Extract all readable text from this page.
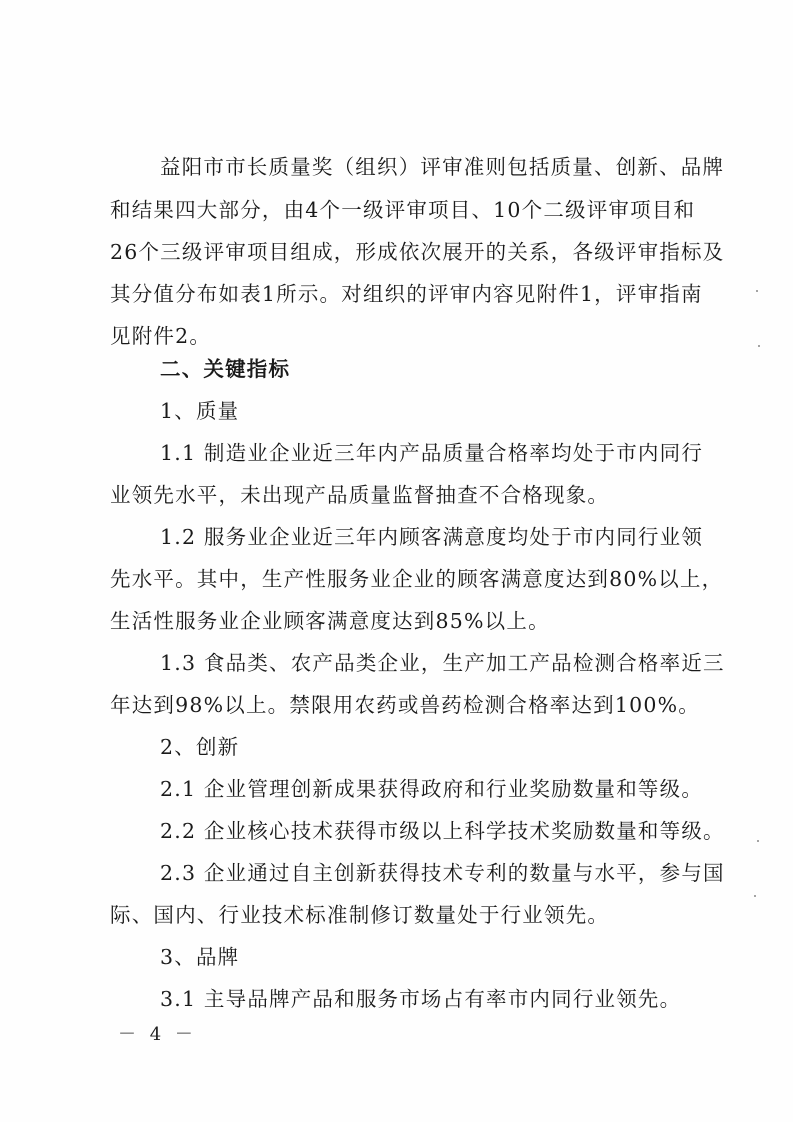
益阳市市长质量奖（组织）评审准则包括质量、创新、品牌
和结果四大部分，由4个一级评审项目、10个二级评审项目和
26个三级评审项目组成，形成依次展开的关系，各级评审指标及
其分值分布如表1所示。对组织的评审内容见附件1，评审指南
见附件2。
二、关键指标
1、质量
1.1 制造业企业近三年内产品质量合格率均处于市内同行
业领先水平，未出现产品质量监督抽查不合格现象。
1.2 服务业企业近三年内顾客满意度均处于市内同行业领
先水平。其中，生产性服务业企业的顾客满意度达到80%以上，
生活性服务业企业顾客满意度达到85%以上。
1.3 食品类、农产品类企业，生产加工产品检测合格率近三
年达到98%以上。禁限用农药或兽药检测合格率达到100%。
2、创新
2.1 企业管理创新成果获得政府和行业奖励数量和等级。
2.2 企业核心技术获得市级以上科学技术奖励数量和等级。
2.3 企业通过自主创新获得技术专利的数量与水平，参与国
际、国内、行业技术标准制修订数量处于行业领先。
3、品牌
3.1 主导品牌产品和服务市场占有率市内同行业领先。
－ 4 －
